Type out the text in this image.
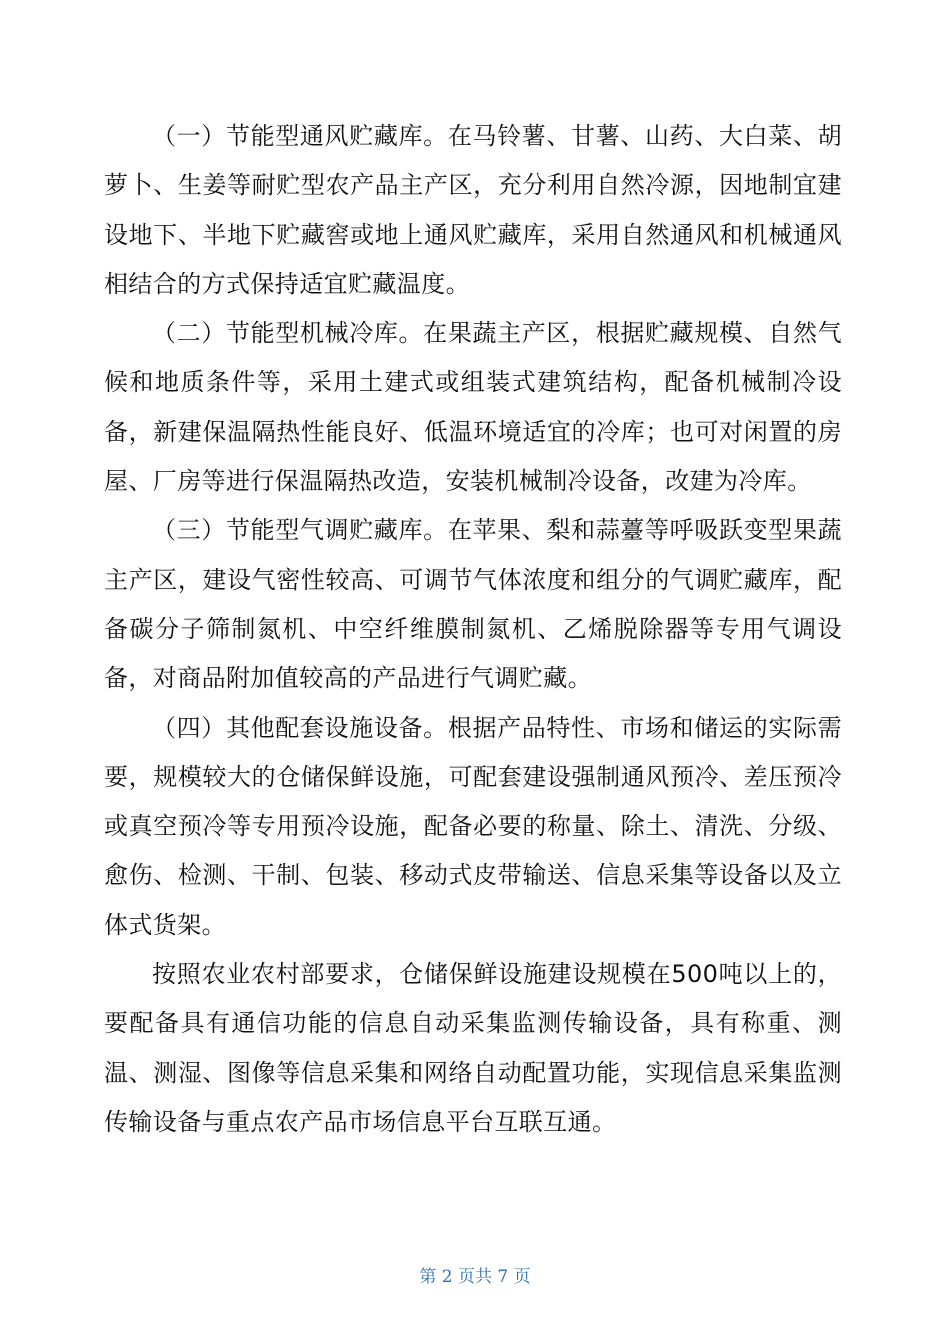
（一）节能型通风贮藏库。在马铃薯、甘薯、山药、大白菜、胡萝卜、生姜等耐贮型农产品主产区，充分利用自然冷源，因地制宜建设地下、半地下贮藏窖或地上通风贮藏库，采用自然通风和机械通风相结合的方式保持适宜贮藏温度。

（二）节能型机械冷库。在果蔬主产区，根据贮藏规模、自然气候和地质条件等，采用土建式或组装式建筑结构，配备机械制冷设备，新建保温隔热性能良好、低温环境适宜的冷库；也可对闲置的房屋、厂房等进行保温隔热改造，安装机械制冷设备，改建为冷库。

（三）节能型气调贮藏库。在苹果、梨和蒜薹等呼吸跃变型果蔬主产区，建设气密性较高、可调节气体浓度和组分的气调贮藏库，配备碳分子筛制氮机、中空纤维膜制氮机、乙烯脱除器等专用气调设备，对商品附加值较高的产品进行气调贮藏。

（四）其他配套设施设备。根据产品特性、市场和储运的实际需要，规模较大的仓储保鲜设施，可配套建设强制通风预冷、差压预冷或真空预冷等专用预冷设施，配备必要的称量、除土、清洗、分级、愈伤、检测、干制、包装、移动式皮带输送、信息采集等设备以及立体式货架。

按照农业农村部要求，仓储保鲜设施建设规模在500吨以上的，要配备具有通信功能的信息自动采集监测传输设备，具有称重、测温、测湿、图像等信息采集和网络自动配置功能，实现信息采集监测传输设备与重点农产品市场信息平台互联互通。

第 2 页共 7 页
